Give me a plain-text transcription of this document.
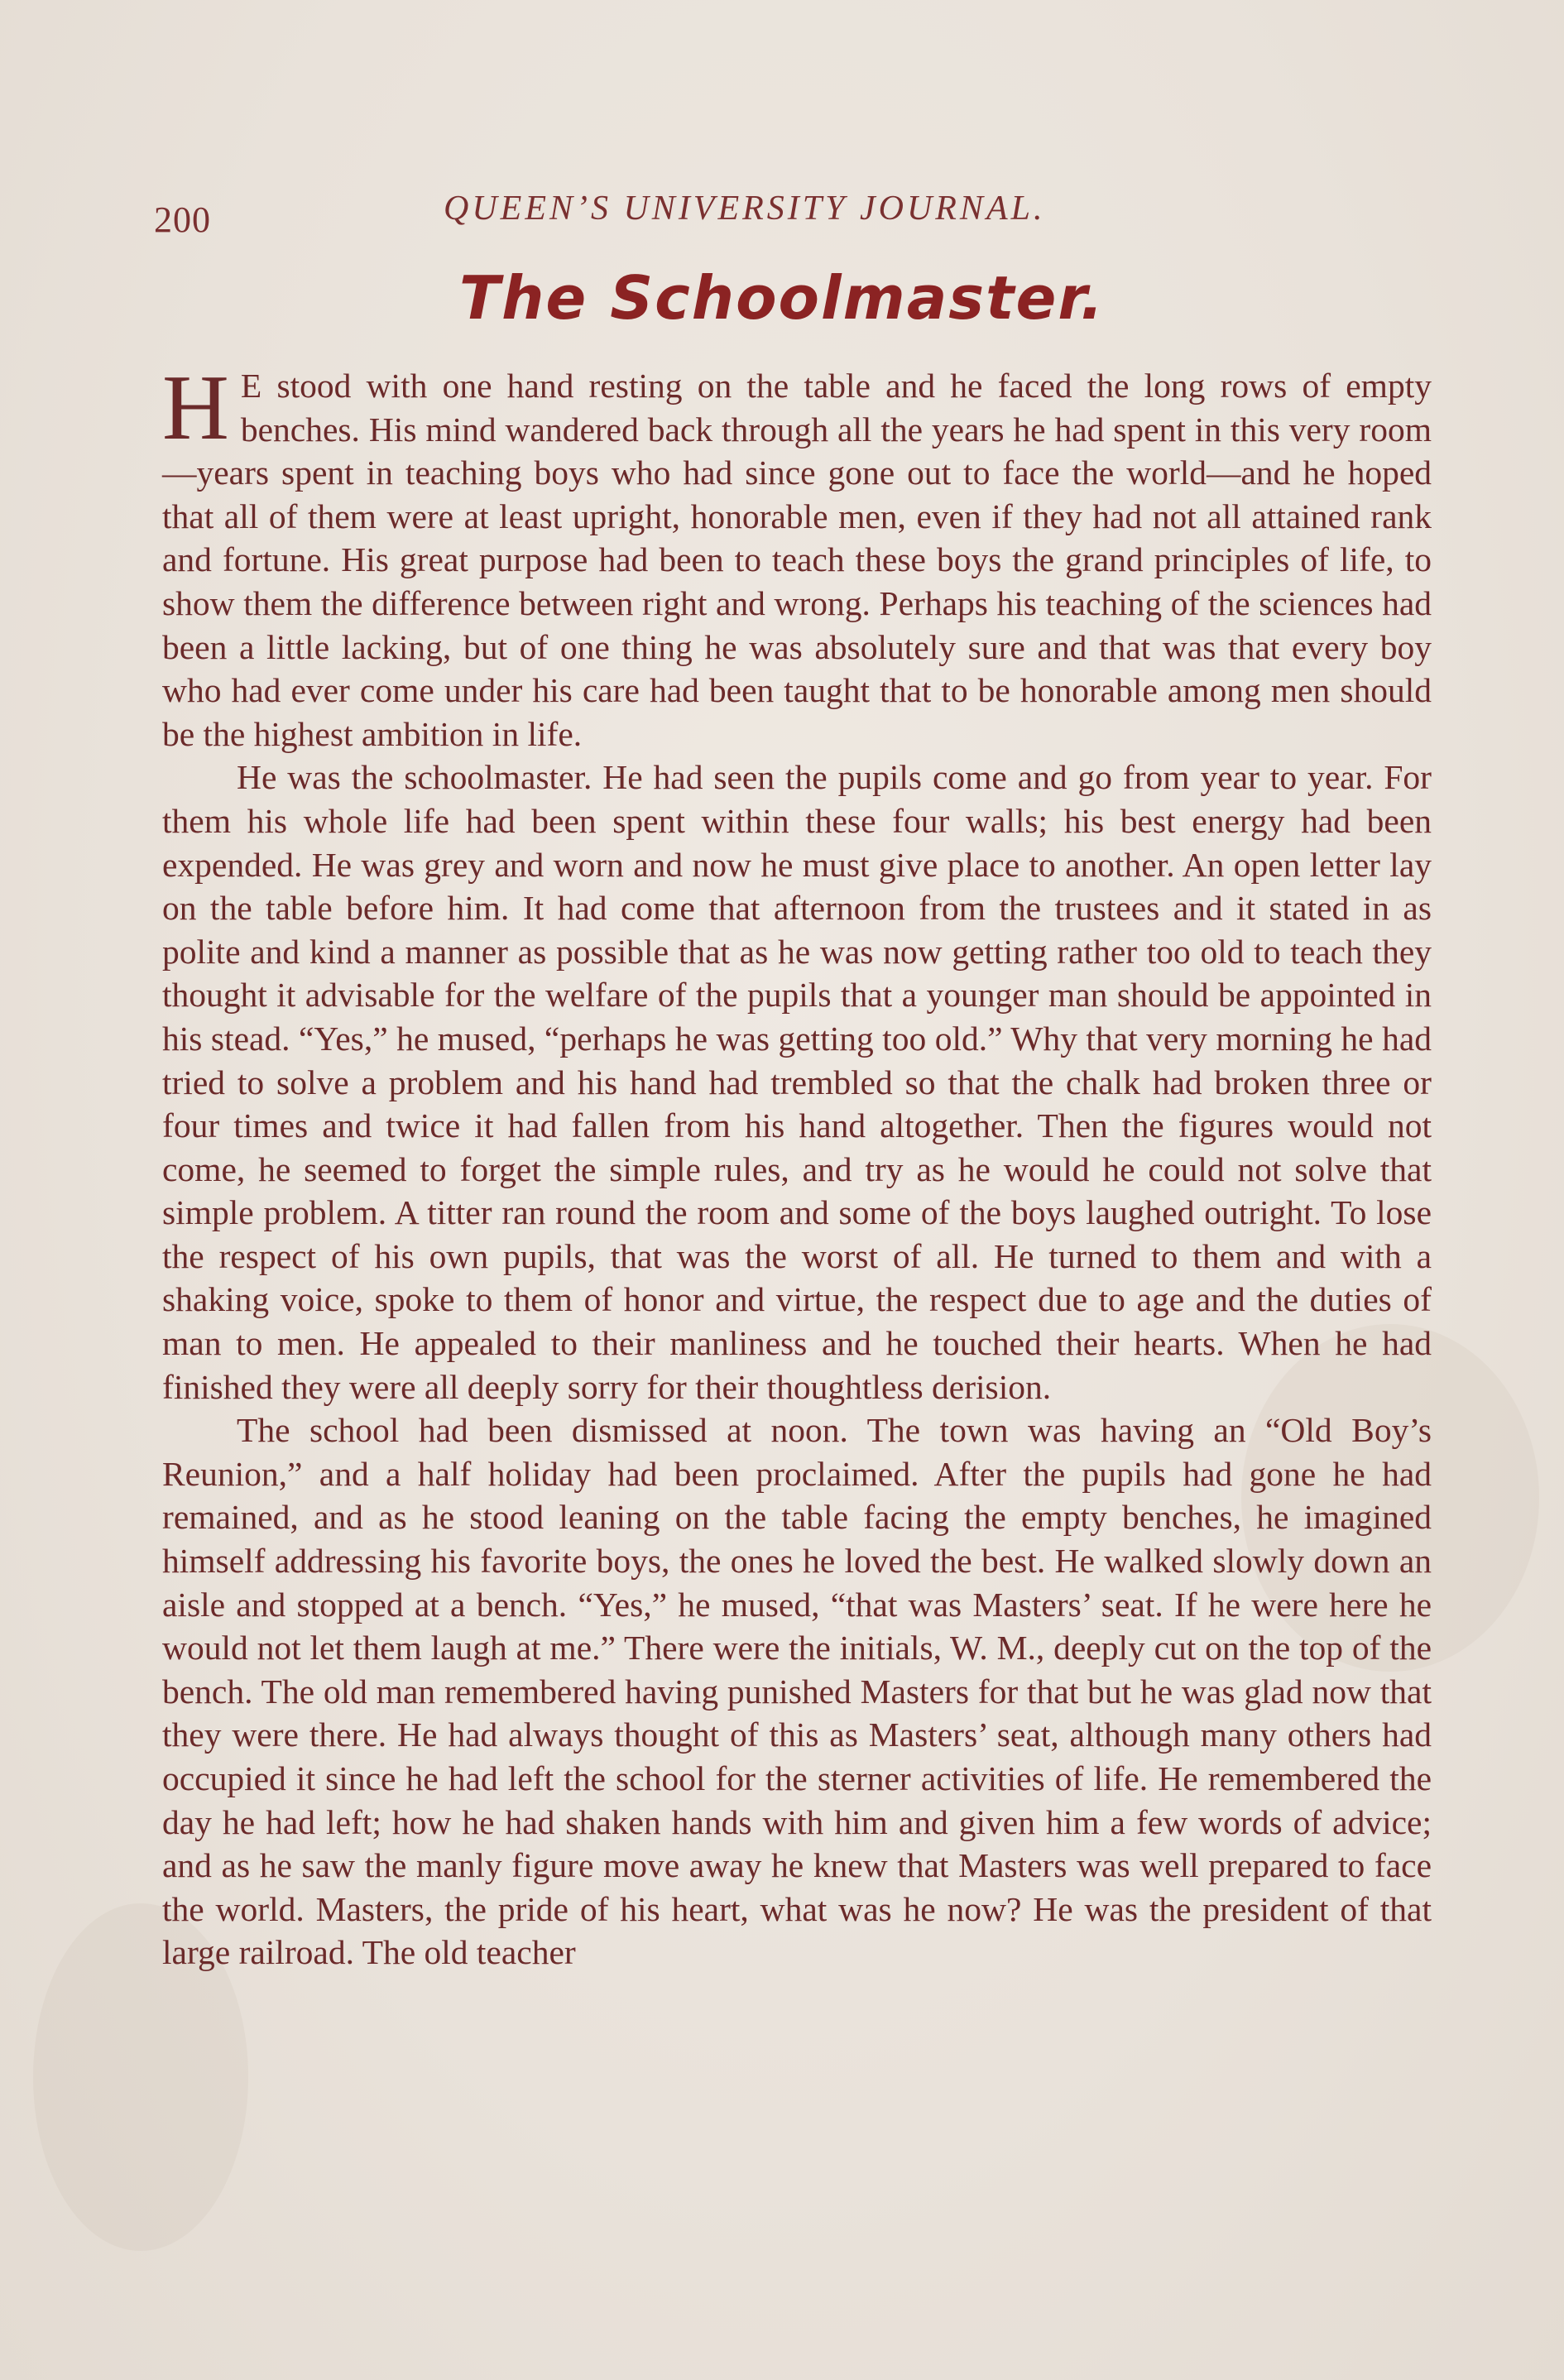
200	QUEEN’S UNIVERSITY JOURNAL.
The Schoolmaster.

H E stood with one hand resting on the table and he faced the long rows of empty benches. His mind wandered back through all the years he had spent in this very room—years spent in teaching boys who had since gone out to face the world—and he hoped that all of them were at least upright, honorable men, even if they had not all attained rank and fortune. His great purpose had been to teach these boys the grand principles of life, to show them the difference between right and wrong. Perhaps his teaching of the sciences had been a little lacking, but of one thing he was absolutely sure and that was that every boy who had ever come under his care had been taught that to be honorable among men should be the highest ambition in life.

He was the schoolmaster. He had seen the pupils come and go from year to year. For them his whole life had been spent within these four walls; his best energy had been expended. He was grey and worn and now he must give place to another. An open letter lay on the table before him. It had come that afternoon from the trustees and it stated in as polite and kind a manner as possible that as he was now getting rather too old to teach they thought it advisable for the welfare of the pupils that a younger man should be appointed in his stead. “Yes,” he mused, “perhaps he was getting too old.” Why that very morning he had tried to solve a problem and his hand had trembled so that the chalk had broken three or four times and twice it had fallen from his hand altogether. Then the figures would not come, he seemed to forget the simple rules, and try as he would he could not solve that simple problem. A titter ran round the room and some of the boys laughed outright. To lose the respect of his own pupils, that was the worst of all. He turned to them and with a shaking voice, spoke to them of honor and virtue, the respect due to age and the duties of man to men. He appealed to their manliness and he touched their hearts. When he had finished they were all deeply sorry for their thoughtless derision.

The school had been dismissed at noon. The town was having an “Old Boy’s Reunion,” and a half holiday had been proclaimed. After the pupils had gone he had remained, and as he stood leaning on the table facing the empty benches, he imagined himself addressing his favorite boys, the ones he loved the best. He walked slowly down an aisle and stopped at a bench. “Yes,” he mused, “that was Masters’ seat. If he were here he would not let them laugh at me.” There were the initials, W. M., deeply cut on the top of the bench. The old man remembered having punished Masters for that but he was glad now that they were there. He had always thought of this as Masters’ seat, although many others had occupied it since he had left the school for the sterner activities of life. He remembered the day he had left; how he had shaken hands with him and given him a few words of advice; and as he saw the manly figure move away he knew that Masters was well prepared to face the world. Masters, the pride of his heart, what was he now? He was the president of that large railroad. The old teacher
